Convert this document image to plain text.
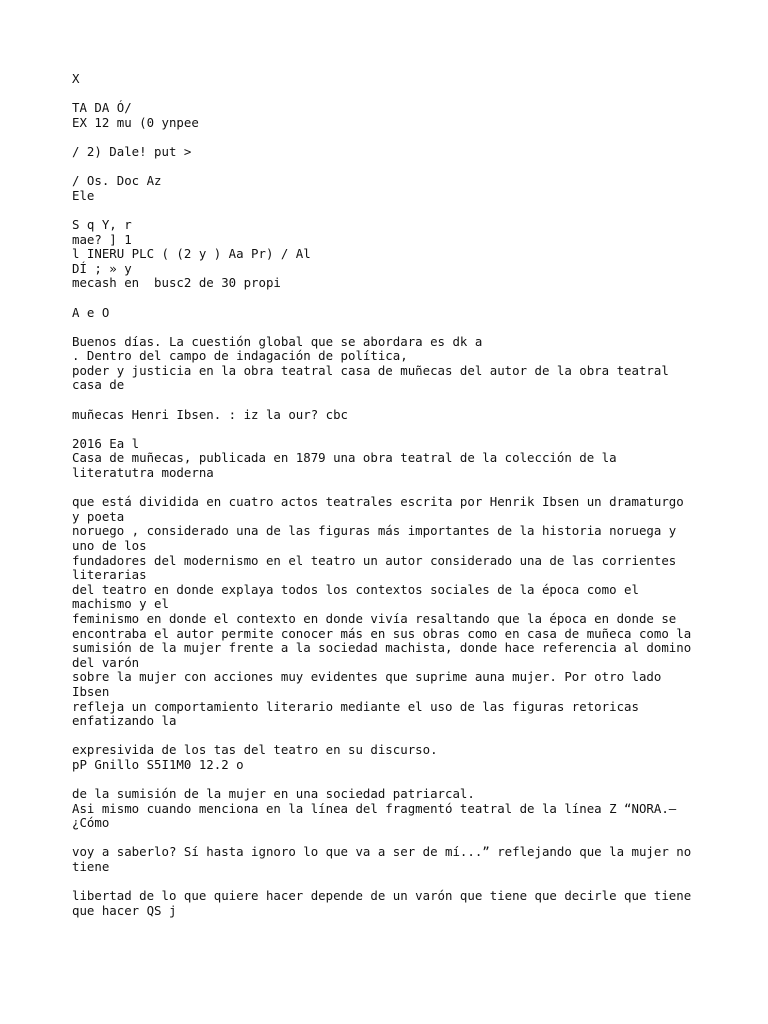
X
TA DA Ó/
EX 12 mu (0 ynpee
/ 2) Dale! put >
/ Os. Doc Az
Ele
S q Y, r
mae? ] 1
l INERU PLC ( (2 y ) Aa Pr) / Al
DÍ ; » y
mecash en  busc2 de 30 propi
A e O
Buenos días. La cuestión global que se abordara es dk a
. Dentro del campo de indagación de política,
poder y justicia en la obra teatral casa de muñecas del autor de la obra teatral
casa de
muñecas Henri Ibsen. : iz la our? cbc
2016 Ea l
Casa de muñecas, publicada en 1879 una obra teatral de la colección de la
literatutra moderna
que está dividida en cuatro actos teatrales escrita por Henrik Ibsen un dramaturgo
y poeta
noruego , considerado una de las figuras más importantes de la historia noruega y
uno de los
fundadores del modernismo en el teatro un autor considerado una de las corrientes
literarias
del teatro en donde explaya todos los contextos sociales de la época como el
machismo y el
feminismo en donde el contexto en donde vivía resaltando que la época en donde se
encontraba el autor permite conocer más en sus obras como en casa de muñeca como la
sumisión de la mujer frente a la sociedad machista, donde hace referencia al domino
del varón
sobre la mujer con acciones muy evidentes que suprime auna mujer. Por otro lado
Ibsen
refleja un comportamiento literario mediante el uso de las figuras retoricas
enfatizando la
expresivida de los tas del teatro en su discurso.
pP Gnillo S5I1M0 12.2 o
de la sumisión de la mujer en una sociedad patriarcal.
Asi mismo cuando menciona en la línea del fragmentó teatral de la línea Z “NORA.—
¿Cómo
voy a saberlo? Sí hasta ignoro lo que va a ser de mí...” reflejando que la mujer no
tiene
libertad de lo que quiere hacer depende de un varón que tiene que decirle que tiene
que hacer QS j
